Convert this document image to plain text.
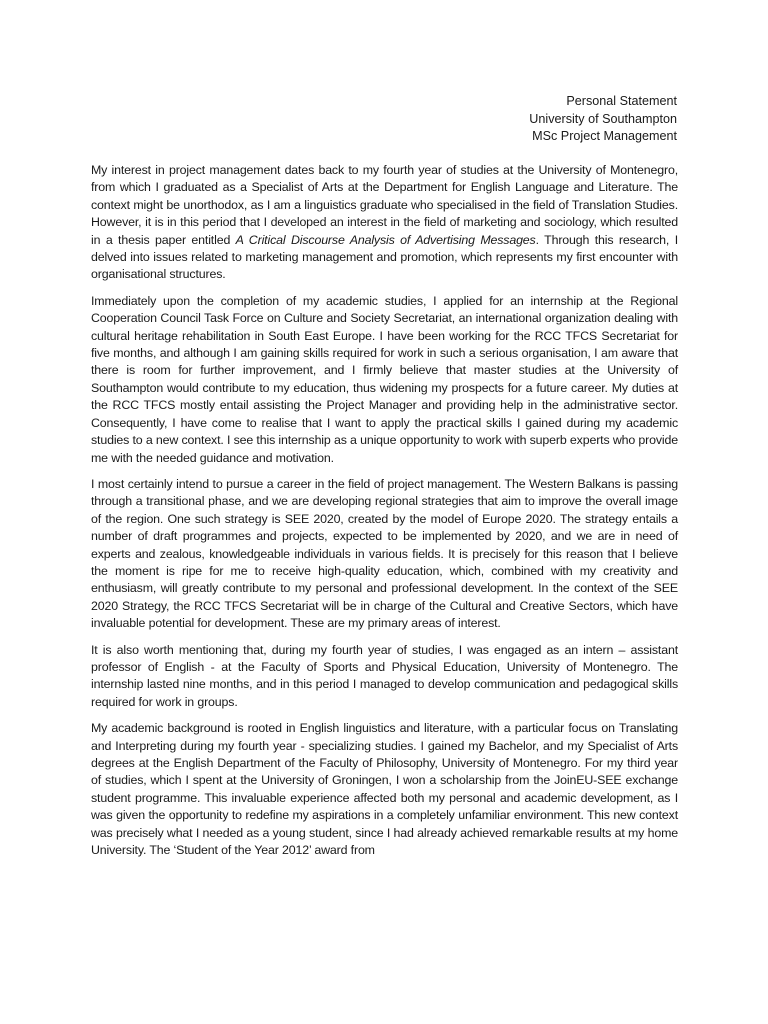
Personal Statement
University of Southampton
MSc Project Management

My interest in project management dates back to my fourth year of studies at the University of Montenegro, from which I graduated as a Specialist of Arts at the Department for English Language and Literature. The context might be unorthodox, as I am a linguistics graduate who specialised in the field of Translation Studies. However, it is in this period that I developed an interest in the field of marketing and sociology, which resulted in a thesis paper entitled A Critical Discourse Analysis of Advertising Messages. Through this research, I delved into issues related to marketing management and promotion, which represents my first encounter with organisational structures.

Immediately upon the completion of my academic studies, I applied for an internship at the Regional Cooperation Council Task Force on Culture and Society Secretariat, an international organization dealing with cultural heritage rehabilitation in South East Europe. I have been working for the RCC TFCS Secretariat for five months, and although I am gaining skills required for work in such a serious organisation, I am aware that there is room for further improvement, and I firmly believe that master studies at the University of Southampton would contribute to my education, thus widening my prospects for a future career. My duties at the RCC TFCS mostly entail assisting the Project Manager and providing help in the administrative sector. Consequently, I have come to realise that I want to apply the practical skills I gained during my academic studies to a new context. I see this internship as a unique opportunity to work with superb experts who provide me with the needed guidance and motivation.

I most certainly intend to pursue a career in the field of project management. The Western Balkans is passing through a transitional phase, and we are developing regional strategies that aim to improve the overall image of the region. One such strategy is SEE 2020, created by the model of Europe 2020. The strategy entails a number of draft programmes and projects, expected to be implemented by 2020, and we are in need of experts and zealous, knowledgeable individuals in various fields. It is precisely for this reason that I believe the moment is ripe for me to receive high-quality education, which, combined with my creativity and enthusiasm, will greatly contribute to my personal and professional development. In the context of the SEE 2020 Strategy, the RCC TFCS Secretariat will be in charge of the Cultural and Creative Sectors, which have invaluable potential for development. These are my primary areas of interest.

It is also worth mentioning that, during my fourth year of studies, I was engaged as an intern – assistant professor of English - at the Faculty of Sports and Physical Education, University of Montenegro. The internship lasted nine months, and in this period I managed to develop communication and pedagogical skills required for work in groups.

My academic background is rooted in English linguistics and literature, with a particular focus on Translating and Interpreting during my fourth year - specializing studies. I gained my Bachelor, and my Specialist of Arts degrees at the English Department of the Faculty of Philosophy, University of Montenegro. For my third year of studies, which I spent at the University of Groningen, I won a scholarship from the JoinEU-SEE exchange student programme. This invaluable experience affected both my personal and academic development, as I was given the opportunity to redefine my aspirations in a completely unfamiliar environment. This new context was precisely what I needed as a young student, since I had already achieved remarkable results at my home University. The ‘Student of the Year 2012’ award from
